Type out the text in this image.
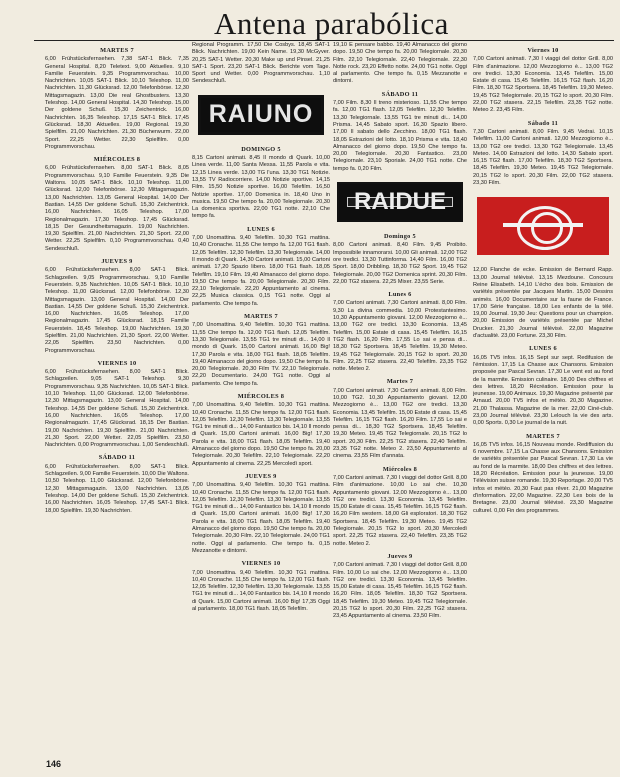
Antena parabólica
MARTES 7

6,00 Frühstücksfernsehen. 7,38 SAT-1 Blick. 7,35 General Hospital. 8,20 Teletext. 9,00 Aktuelles. 9,10 Familie Feuerstein. 9,35 Programmvorschau. 10,00 Nachrichten. 10,05 SAT-1 Blick. 10,10 Teleshop. 11,00 Nachrichten. 11,30 Glücksrad. 12,00 Telefonbörse. 12,30 Mittagsmagazin. 13,00 Die real Ghostbusters. 13,30 Teleshop. 14,00 General Hospital. 14,30 Teleshop. 15,00 Der goldene Schuß. 15,30 Zeichentrick. 16,00 Nachrichten. 16,35 Teleshop. 17,15 SAT-1 Blick. 17,45 Glücksrad. 18,30 Aktuelles. 19,00 Regional. 19,30 Spielfilm. 21,00 Nachrichten. 21,30 Bücherwurm. 22,00 Sport. 22,25 Wetter. 22,30 Spielfilm. 0,00 Programmvorschau.

MIÉRCOLES 8

6,00 Frühstücksfernsehen. 8,00 SAT-1 Blick. 8,05 Programmvorschau. 9,10 Familie Feuerstein. 9,35 Die Waltons. 10,05 SAT-1 Blick. 10,10 Teleshop. 11,00 Glücksrad. 12,00 Telefonbörse. 12,30 Mittagsmagazin. 13,00 Nachrichten. 13,05 General Hospital. 14,00 Der Bastian. 14,55 Der goldene Schuß. 15,30 Zeichentrick. 16,00 Nachrichten. 16,05 Teleshop. 17,00 Regionalmagazin. 17,30 Teleshop. 17,45 Glücksrad. 18,15 Der Gesundheitsmagazin. 19,00 Nachrichten. 19,30 Spielfilm. 21,00 Nachrichten. 21,30 Sport. 22,00 Wetter. 22,25 Spielfilm. 0,10 Programmvorschau. 0,40 Sendeschluß.

JUEVES 9

6,00 Frühstücksfernsehen. 8,00 SAT-1 Blick. Schlagzeilen. 9,05 Programmvorschau. 9,10 Familie Feuerstein. 9,35 Nachrichten. 10,05 SAT-1 Blick. 10,10 Teleshop. 11,00 Glücksrad. 12,00 Telefonbörse. 12,30 Mittagsmagazin. 13,00 General Hospital. 14,00 Der Bastian. 14,55 Der goldene Schuß. 15,30 Zeichentrick. 16,00 Nachrichten. 16,05 Teleshop. 17,00 Regionalmagazin. 17,45 Glücksrad. 18,15 Familie Feuerstein. 18,45 Teleshop. 19,00 Nachrichten. 19,30 Spielfilm. 21,00 Nachrichten. 21,30 Sport. 22,00 Wetter. 22,05 Spielfilm. 23,50 Nachrichten. 0,00 Programmvorschau.

VIERNES 10

6,00 Frühstücksfernsehen. 8,00 SAT-1 Blick. Schlagzeilen. 9,05 SAT-1 Teleshop. 9,30 Programmvorschau. 9,35 Nachrichten. 10,05 SAT-1 Blick. 10,10 Teleshop. 11,00 Glücksrad. 12,00 Telefonbörse. 12,30 Mittagsmagazin. 13,00 General Hospital. 14,00 Teleshop. 14,55 Der goldene Schuß. 15,30 Zeichentrick. 16,00 Nachrichten. 16,05 Teleshop. 17,00 Regionalmagazin. 17,45 Glücksrad. 18,15 Der Bastian. 19,00 Nachrichten. 19,30 Spielfilm. 21,00 Nachrichten. 21,30 Sport. 22,00 Wetter. 22,05 Spielfilm. 23,50 Nachrichten. 0,00 Programmvorschau. 1,00 Sendeschluß.

SÁBADO 11

6,00 Frühstücksfernsehen. 8,00 SAT-1 Blick. Schlagzeilen. 9,00 Familie Feuerstein. 10,00 Die Waltons. 10,50 Teleshop. 11,00 Glücksrad. 12,00 Telefonbörse. 12,30 Mittagsmagazin. 13,00 Nachrichten. 13,05 Teleshop. 14,00 Der goldene Schuß. 15,30 Zeichentrick. 16,00 Nachrichten. 16,05 Teleshop. 17,45 SAT-1 Blick. 18,00 Spielfilm. 19,30 Nachrichten.

Regional Programm. 17,50 Die Cosbys. 18,45 SAT-1 Blick. Nachrichten. 19,00 Kein Name. 19,30 McGyver. 20,25 SAT-1 Wetter. 20,30 Make up und Pinsel. 21,25 SAT-1 Sport. 23,20 SAT-1 Blick. Berichte vom Tage. Sport und Wetter. 0,00 Programmvorschau. 1,10 Sendeschluß.

RAIUNO
DOMINGO 5

8,15 Cartoni animati. 8,45 Il mondo di Quark. 10,00 Linea verde. 11,00 Santa Messa. 11,55 Parola e vita. 12,15 Linea verde. 13,00 TG l'una. 13,30 TG1 Notizie. 13,55 TV Radiocorriere. 14,00 Notizie sportive. 14,15 Film. 15,50 Notizie sportive. 16,00 Telefilm. 16,50 Notizie sportive. 17,00 Domenica in. 18,40 Uno in musica. 19,50 Che tempo fa. 20,00 Telegiornale. 20,30 La domenica sportiva. 22,00 TG1 notte. 22,10 Che tempo fa.

LUNES 6

7,00 Unomattina. 9,40 Telefilm. 10,30 TG1 mattina. 10,40 Cronache. 11,55 Che tempo fa. 12,00 TG1 flash. 12,05 Telefilm. 12,30 Telefilm. 13,30 Telegiornale. 14,00 Il mondo di Quark. 14,30 Cartoni animati. 15,00 Cartoni animati. 17,20 Spazio libero. 18,00 TG1 flash. 18,05 Telefilm. 19,10 Film. 19,40 Almanacco del giorno dopo. 19,50 Che tempo fa. 20,00 Telegiornale. 20,30 Film. 22,10 Telegiornale. 22,20 Appuntamento al cinema. 22,25 Musica classica. 0,15 TG1 notte. Oggi al parlamento. Che tempo fa.

MARTES 7

7,00 Unomattina. 9,40 Telefilm. 10,30 TG1 mattina. 11,55 Che tempo fa. 12,00 TG1 flash. 12,05 Telefilm. 13,30 Telegiornale. 13,55 TG1 tre minuti di... 14,00 Il mondo di Quark. 15,00 Cartoni animati. 16,00 Big! 17,30 Parola e vita. 18,00 TG1 flash. 18,05 Telefilm. 19,40 Almanacco del giorno dopo. 19,50 Che tempo fa. 20,00 Telegiornale. 20,30 Film TV. 22,10 Telegiornale. 22,20 Documentario. 24,00 TG1 notte. Oggi al parlamento. Che tempo fa.

MIÉRCOLES 8

7,00 Unomattina. 9,40 Telefilm. 10,30 TG1 mattina. 10,40 Cronache. 11,55 Che tempo fa. 12,00 TG1 flash. 12,05 Telefilm. 12,30 Telefilm. 13,30 Telegiornale. 13,55 TG1 tre minuti di... 14,00 Fantastico bis. 14,10 Il mondo di Quark. 15,00 Cartoni animati. 16,00 Big! 17,30 Parola e vita. 18,00 TG1 flash. 18,05 Telefilm. 19,40 Almanacco del giorno dopo. 19,50 Che tempo fa. 20,00 Telegiornale. 20,30 Telefilm. 22,10 Telegiornale. 22,20 Appuntamento al cinema. 22,25 Mercoledì sport.

JUEVES 9

7,00 Unomattina. 9,40 Telefilm. 10,30 TG1 mattina. 10,40 Cronache. 11,55 Che tempo fa. 12,00 TG1 flash. 12,05 Telefilm. 12,30 Telefilm. 13,30 Telegiornale. 13,55 TG1 tre minuti di... 14,00 Fantastico bis. 14,10 Il mondo di Quark. 15,00 Cartoni animati. 16,00 Big! 17,30 Parola e vita. 18,00 TG1 flash. 18,05 Telefilm. 19,40 Almanacco del giorno dopo. 19,50 Che tempo fa. 20,00 Telegiornale. 20,30 Film. 22,10 Telegiornale. 24,00 TG1 notte. Oggi al parlamento. Che tempo fa. 0,15 Mezzanotte e dintorni.

VIERNES 10

7,00 Unomattina. 9,40 Telefilm. 10,30 TG1 mattina. 10,40 Cronache. 11,55 Che tempo fa. 12,00 TG1 flash. 12,05 Telefilm. 12,30 Telefilm. 13,30 Telegiornale. 13,55 TG1 tre minuti di... 14,00 Fantastico bis. 14,10 Il mondo di Quark. 15,00 Cartoni animati. 16,00 Big! 17,35 Oggi al parlamento. 18,00 TG1 flash. 18,05 Telefilm.

19,10 E pensare babbo. 19,40 Almanacco del giorno dopo. 19,50 Che tempo fa. 20,00 Telegiornale. 20,30 Film. 22,10 Telegiornale. 22,40 Telegiornale. 22,30 Notte rock. 23,20 Effetto notte. 24,00 TG1 notte. Oggi al parlamento. Che tempo fa. 0,15 Mezzanotte e dintorni.

SÁBADO 11

7,00 Film. 8,30 Il treno misterioso. 11,55 Che tempo fa. 12,00 TG1 flash. 12,05 Telefilm. 12,30 Telefilm. 13,30 Telegiornale. 13,55 TG1 tre minuti di... 14,00 Prisma. 14,45 Sabato sport. 16,30 Spazio libero. 17,00 Il sabato dello Zecchino. 18,00 TG1 flash. 18,05 Estrazioni del lotto. 18,10 Prisma e vita. 18,40 Almanacco del giorno dopo. 19,50 Che tempo fa. 20,00 Telegiornale. 20,30 Fantastico. 23,00 Telegiornale. 23,10 Sporiale. 24,00 TG1 notte. Che tempo fa. 0,20 Film.

RAIDUE
Domingo 5

8,00 Cartoni animati. 8,40 Film. 9,45 Proibito. Impossibile innamorarsi. 10,00 Gli animali. 12,00 TG2 ore tredici. 13,30 Tuttinforma. 14,40 Film. 16,00 TG2 Sport. 18,00 Dribbling. 18,30 TG2 Sport. 19,45 TG2 Telegiornale. 20,00 TG2 Domenica sprint. 20,30 Film. 22,00 TG2 stasera. 22,25 Mixer. 23,55 Serie.

Lunes 6

7,00 Cartoni animati. 7,30 Cartoni animati. 8,00 Film. 9,30 La divina commedia. 10,00 Protestantesimo. 10,30 Appuntamento giovani. 12,00 Mezzogiorno è... 13,00 TG2 ore tredici. 13,30 Economia. 13,45 Telefilm. 15,00 Estate di casa. 15,45 Telefilm. 16,15 TG2 flash. 16,20 Film. 17,55 Lo sai e pensa di... 18,30 TG2 Sportsera. 18,45 Telefilm. 19,30 Meteo. 19,45 TG2 Telegiornale. 20,15 TG2 lo sport. 20,30 Film. 22,25 TG2 stasera. 22,40 Telefilm. 23,35 TG2 notte. Meteo 2.

Martes 7

7,00 Cartoni animati. 7,30 Cartoni animati. 8,00 Film. 10,00 TG2. 10,30 Appuntamento giovani. 12,00 Mezzogiorno è... 13,00 TG2 ore tredici. 13,30 Economia. 13,45 Telefilm. 15,00 Estate di casa. 15,45 Telefilm. 16,15 TG2 flash. 16,20 Film. 17,55 Lo sai e pensa di... 18,30 TG2 Sportsera. 18,45 Telefilm. 19,30 Meteo. 19,45 TG2 Telegiornale. 20,15 TG2 lo sport. 20,30 Film. 22,25 TG2 stasera. 22,40 Telefilm. 23,35 TG2 notte. Meteo 2. 23,50 Appuntamento al cinema. 23,55 Film d'annata.

Miércoles 8

7,00 Cartoni animati. 7,30 I viaggi del dottor Grill. 8,00 Film d'animazione. 10,00 Lo sai che. 10,30 Appuntamento giovani. 12,00 Mezzogiorno è... 13,00 TG2 ore tredici. 13,30 Economia. 13,45 Telefilm. 15,00 Estate di casa. 15,45 Telefilm. 16,15 TG2 flash. 16,20 Film western. 18,00 Gli esploratori. 18,30 TG2 Sportsera. 18,45 Telefilm. 19,30 Meteo. 19,45 TG2 Telegiornale. 20,15 TG2 lo sport. 20,30 Mercoledì sport. 22,25 TG2 stasera. 22,40 Telefilm. 23,35 TG2 notte. Meteo 2.

Jueves 9

7,00 Cartoni animati. 7,30 I viaggi del dottor Grill. 8,00 Film. 10,00 Lo sai che. 12,00 Mezzogiorno è... 13,00 TG2 ore tredici. 13,30 Economia. 13,45 Telefilm. 15,00 Estate di casa. 15,45 Telefilm. 16,15 TG2 flash. 16,20 Film. 18,05 Telefilm. 18,30 TG2 Sportsera. 18,45 Telefilm. 19,30 Meteo. 19,45 TG2 Telegiornale. 20,15 TG2 lo sport. 20,30 Film. 22,25 TG2 stasera. 23,45 Appuntamento al cinema. 23,50 Film.

Viernes 10

7,00 Cartoni animati. 7,30 I viaggi del dottor Grill. 8,00 Film d'animazione. 12,00 Mezzogiorno è... 13,00 TG2 ore tredici. 13,30 Economia. 13,45 Telefilm. 15,00 Estate di casa. 15,45 Telefilm. 16,15 TG2 flash. 16,20 Film. 18,30 TG2 Sportsera. 18,45 Telefilm. 19,30 Meteo. 19,45 TG2 Telegiornale. 20,15 TG2 lo sport. 20,30 Film. 22,00 TG2 stasera. 22,15 Telefilm. 23,35 TG2 notte. Meteo 2. 23,45 Film.

Sábado 11

7,30 Cartoni animati. 8,00 Film. 9,45 Vedrai. 10,15 Telefilm. 11,00 Cartoni animati. 12,00 Mezzogiorno è... 13,00 TG2 ore tredici. 13,30 TG2 Telegiornale. 13,45 Meteo. 14,00 Estrazioni del lotto. 14,30 Sabato sport. 16,15 TG2 flash. 17,00 Telefilm. 18,30 TG2 Sportsera. 18,45 Telefilm. 19,30 Meteo. 19,45 TG2 Telegiornale. 20,15 TG2 lo sport. 20,30 Film. 22,00 TG2 stasera. 23,30 Film.

12,00 Flanche de ecke. Emission de Bernard Rapp. 13,00 Journal télévisé. 13,15 Mezdoune. Concours Reine Elisabeth. 14,10 L'écho des bois. Emission de variétés présentée par Jacques Martin. 15,00 Dessins animés. 16,00 Documentaire sur la faune de France. 17,00 Série française. 18,00 Les enfants de la télé. 19,00 Journal. 19,30 Jeu: Questions pour un champion. 20,00 Emission de variétés présentée par Michel Drucker. 21,30 Journal télévisé. 22,00 Magazine d'actualité. 23,00 Fortune. 23,30 Film.

LUNES 6

16,05 TV5 infos. 16,15 Sept sur sept. Redifusion de l'émission. 17,15 La Chasse aux Chansons. Emission proposée par Pascal Sevran. 17,30 Le vent est au fond de la marmite. Emission culinaire. 18,00 Des chiffres et des lettres. 18,20 Récréation. Emission pour la jeunesse. 19,00 Animaux. 19,30 Magazine présenté par Arnaud. 20,00 TV5 infos et météo. 20,30 Magazine. 21,00 Thalassa. Magazine de la mer. 22,00 Ciné-club. 23,00 Journal télévisé. 23,30 Lelouch la vie des arts. 0,00 Sports. 0,30 Le journal de la nuit.

MARTES 7

16,05 TV5 infos. 16,15 Nouveau monde. Rediffusion du 6 novembre. 17,15 La Chasse aux Chansons. Emission de variétés présentée par Pascal Sevran. 17,30 La vie au fond de la marmite. 18,00 Des chiffres et des lettres. 18,20 Récréation. Emission pour la jeunesse. 19,00 Télévision suisse romande. 19,30 Reportage. 20,00 TV5 infos et météo. 20,30 Faut pas rêver. 21,00 Magazine d'information. 22,00 Magazine. 22,30 Les bois de la Bretagne. 23,00 Journal télévisé. 23,30 Magazine culturel. 0,00 Fin des programmes.

146
